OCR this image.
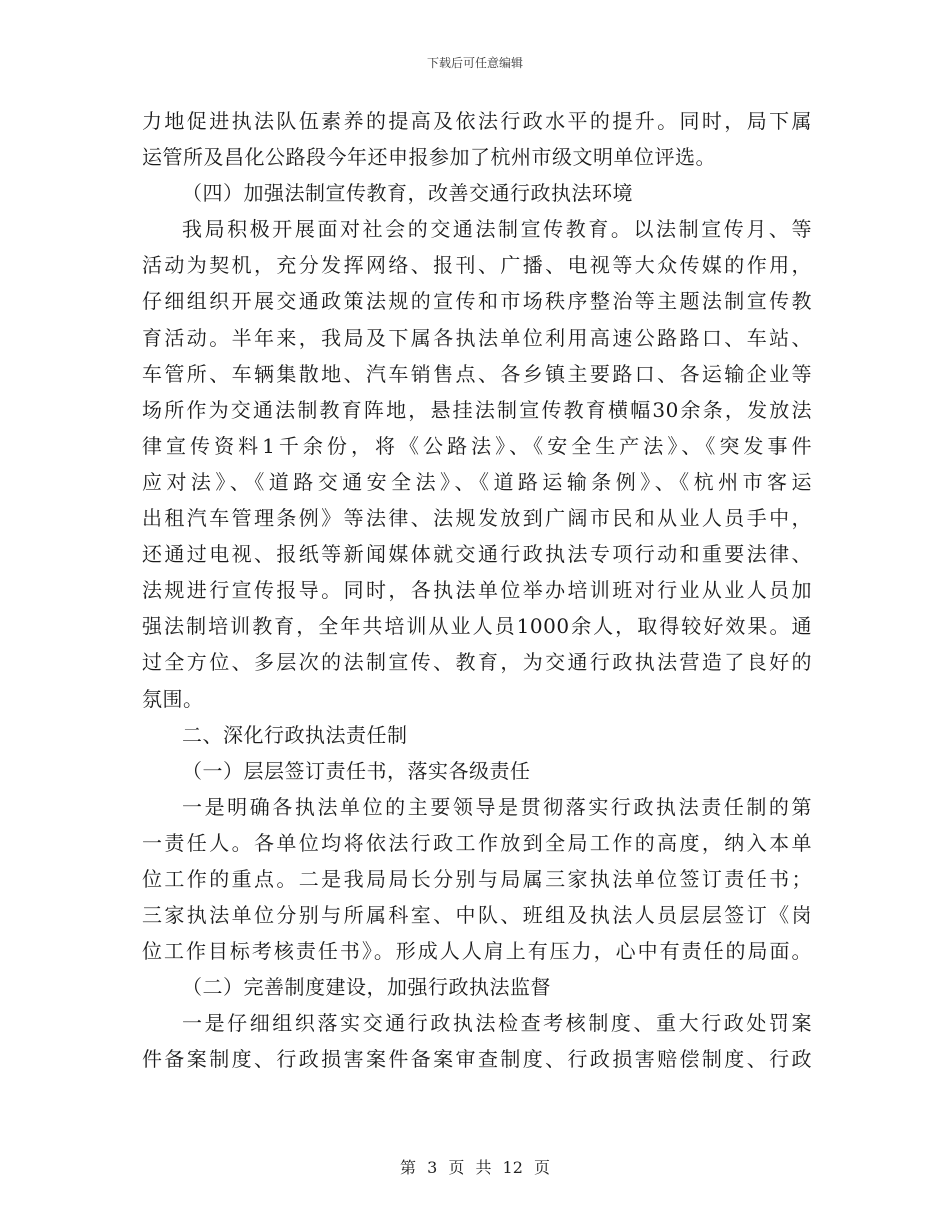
下载后可任意编辑
力地促进执法队伍素养的提高及依法行政水平的提升。同时，局下属
运管所及昌化公路段今年还申报参加了杭州市级文明单位评选。
（四）加强法制宣传教育，改善交通行政执法环境
我局积极开展面对社会的交通法制宣传教育。以法制宣传月、等
活动为契机，充分发挥网络、报刊、广播、电视等大众传媒的作用，
仔细组织开展交通政策法规的宣传和市场秩序整治等主题法制宣传教
育活动。半年来，我局及下属各执法单位利用高速公路路口、车站、
车管所、车辆集散地、汽车销售点、各乡镇主要路口、各运输企业等
场所作为交通法制教育阵地，悬挂法制宣传教育横幅30余条，发放法
律宣传资料1千余份，将《公路法》、《安全生产法》、《突发事件
应对法》、《道路交通安全法》、《道路运输条例》、《杭州市客运
出租汽车管理条例》等法律、法规发放到广阔市民和从业人员手中，
还通过电视、报纸等新闻媒体就交通行政执法专项行动和重要法律、
法规进行宣传报导。同时，各执法单位举办培训班对行业从业人员加
强法制培训教育，全年共培训从业人员1000余人，取得较好效果。通
过全方位、多层次的法制宣传、教育，为交通行政执法营造了良好的
氛围。
二、深化行政执法责任制
（一）层层签订责任书，落实各级责任
一是明确各执法单位的主要领导是贯彻落实行政执法责任制的第
一责任人。各单位均将依法行政工作放到全局工作的高度，纳入本单
位工作的重点。二是我局局长分别与局属三家执法单位签订责任书；
三家执法单位分别与所属科室、中队、班组及执法人员层层签订《岗
位工作目标考核责任书》。形成人人肩上有压力，心中有责任的局面。
（二）完善制度建设，加强行政执法监督
一是仔细组织落实交通行政执法检查考核制度、重大行政处罚案
件备案制度、行政损害案件备案审查制度、行政损害赔偿制度、行政
第 3 页 共 12 页
